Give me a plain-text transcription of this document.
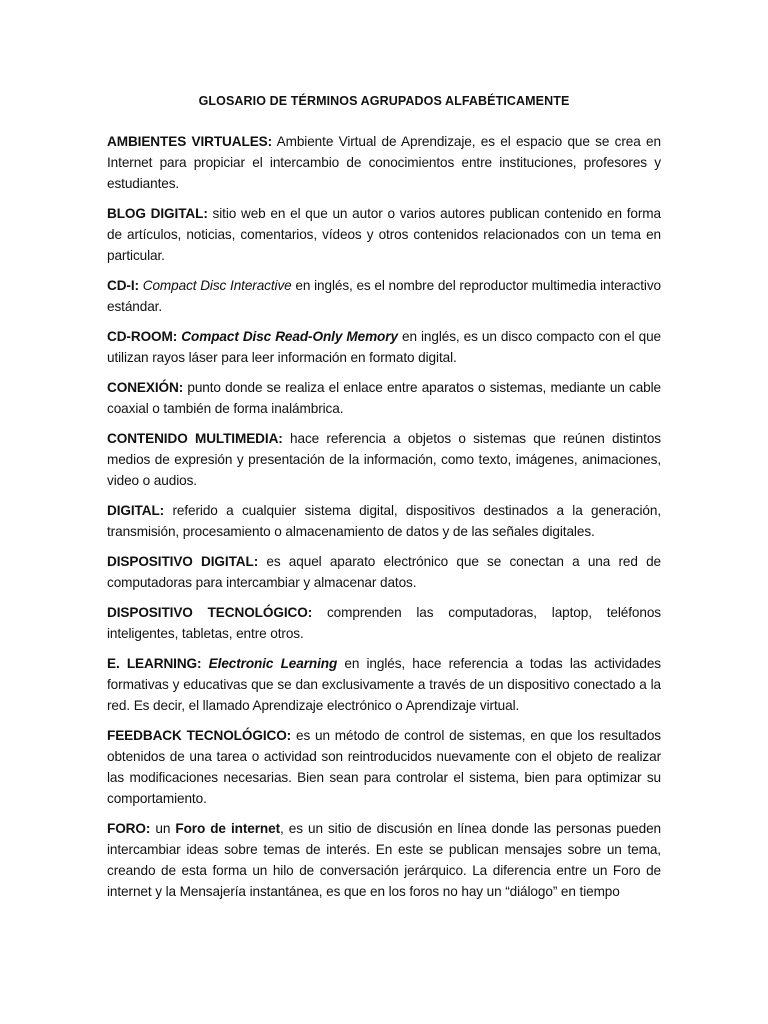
GLOSARIO DE TÉRMINOS AGRUPADOS ALFABÉTICAMENTE

AMBIENTES VIRTUALES: Ambiente Virtual de Aprendizaje, es el espacio que se crea en Internet para propiciar el intercambio de conocimientos entre instituciones, profesores y estudiantes.

BLOG DIGITAL: sitio web en el que un autor o varios autores publican contenido en forma de artículos, noticias, comentarios, vídeos y otros contenidos relacionados con un tema en particular.

CD-I: Compact Disc Interactive en inglés, es el nombre del reproductor multimedia interactivo estándar.

CD-ROOM: Compact Disc Read-Only Memory en inglés, es un disco compacto con el que utilizan rayos láser para leer información en formato digital.

CONEXIÓN: punto donde se realiza el enlace entre aparatos o sistemas, mediante un cable coaxial o también de forma inalámbrica.

CONTENIDO MULTIMEDIA: hace referencia a objetos o sistemas que reúnen distintos medios de expresión y presentación de la información, como texto, imágenes, animaciones, video o audios.

DIGITAL: referido a cualquier sistema digital, dispositivos destinados a la generación, transmisión, procesamiento o almacenamiento de datos y de las señales digitales.

DISPOSITIVO DIGITAL: es aquel aparato electrónico que se conectan a una red de computadoras para intercambiar y almacenar datos.

DISPOSITIVO TECNOLÓGICO: comprenden las computadoras, laptop, teléfonos inteligentes, tabletas, entre otros.

E. LEARNING: Electronic Learning en inglés, hace referencia a todas las actividades formativas y educativas que se dan exclusivamente a través de un dispositivo conectado a la red. Es decir, el llamado Aprendizaje electrónico o Aprendizaje virtual.

FEEDBACK TECNOLÓGICO: es un método de control de sistemas, en que los resultados obtenidos de una tarea o actividad son reintroducidos nuevamente con el objeto de realizar las modificaciones necesarias. Bien sean para controlar el sistema, bien para optimizar su comportamiento.

FORO: un Foro de internet, es un sitio de discusión en línea donde las personas pueden intercambiar ideas sobre temas de interés. En este se publican mensajes sobre un tema, creando de esta forma un hilo de conversación jerárquico. La diferencia entre un Foro de internet y la Mensajería instantánea, es que en los foros no hay un “diálogo” en tiempo
